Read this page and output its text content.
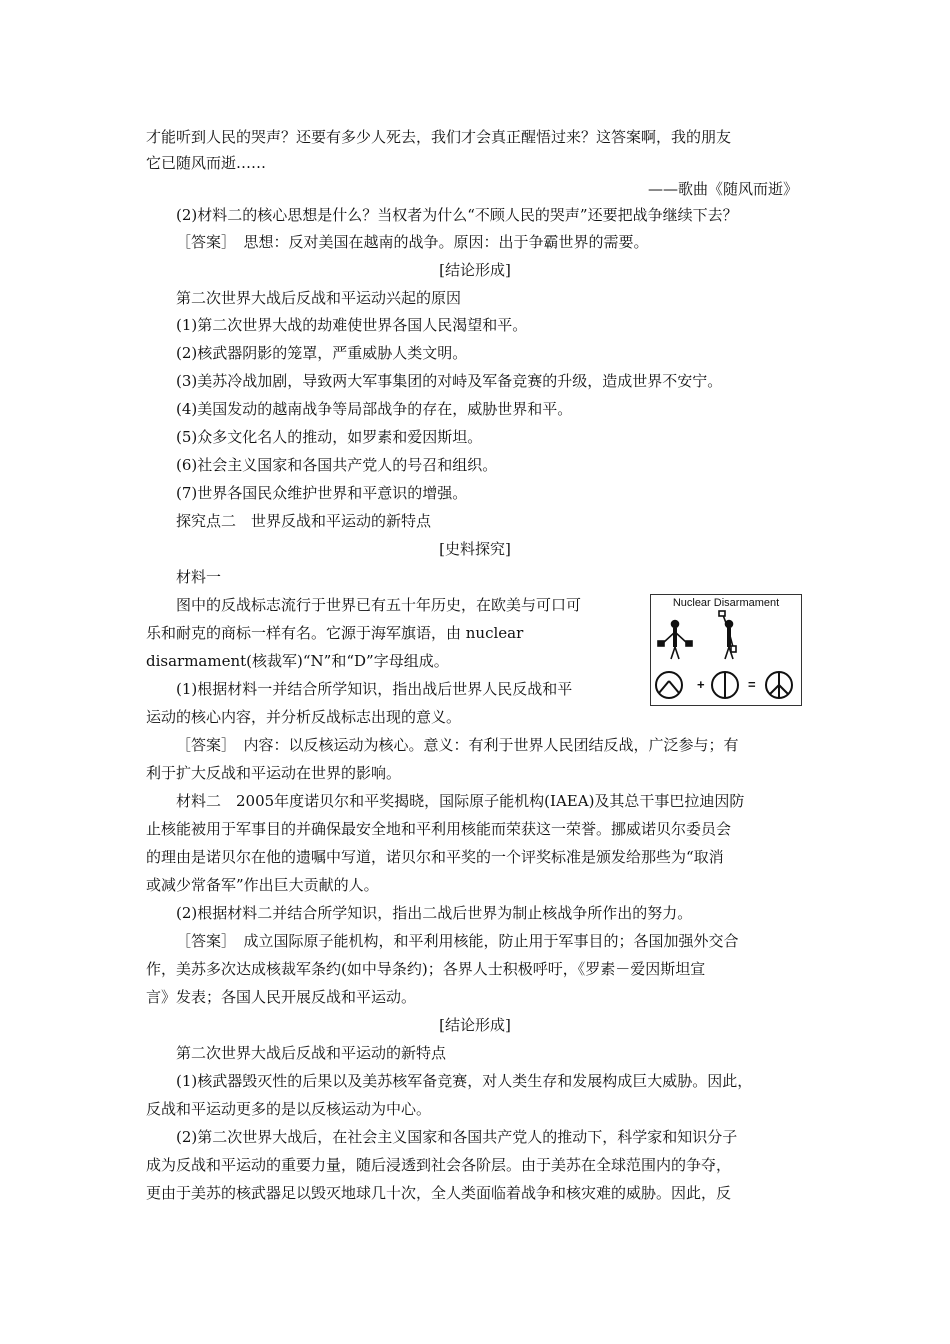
才能听到人民的哭声？还要有多少人死去，我们才会真正醒悟过来？这答案啊，我的朋友
它已随风而逝……
——歌曲《随风而逝》
(2)材料二的核心思想是什么？当权者为什么“不顾人民的哭声”还要把战争继续下去？
［答案］　思想：反对美国在越南的战争。原因：出于争霸世界的需要。
[结论形成]
第二次世界大战后反战和平运动兴起的原因
(1)第二次世界大战的劫难使世界各国人民渴望和平。
(2)核武器阴影的笼罩，严重威胁人类文明。
(3)美苏冷战加剧，导致两大军事集团的对峙及军备竞赛的升级，造成世界不安宁。
(4)美国发动的越南战争等局部战争的存在，威胁世界和平。
(5)众多文化名人的推动，如罗素和爱因斯坦。
(6)社会主义国家和各国共产党人的号召和组织。
(7)世界各国民众维护世界和平意识的增强。
探究点二　世界反战和平运动的新特点
[史料探究]
材料一
图中的反战标志流行于世界已有五十年历史，在欧美与可口可
乐和耐克的商标一样有名。它源于海军旗语，由 nuclear
disarmament(核裁军)“N”和“D”字母组成。
(1)根据材料一并结合所学知识，指出战后世界人民反战和平
运动的核心内容，并分析反战标志出现的意义。
［答案］　内容：以反核运动为核心。意义：有利于世界人民团结反战，广泛参与；有
利于扩大反战和平运动在世界的影响。
材料二　2005年度诺贝尔和平奖揭晓，国际原子能机构(IAEA)及其总干事巴拉迪因防
止核能被用于军事目的并确保最安全地和平利用核能而荣获这一荣誉。挪威诺贝尔委员会
的理由是诺贝尔在他的遗嘱中写道，诺贝尔和平奖的一个评奖标准是颁发给那些为“取消
或减少常备军”作出巨大贡献的人。
(2)根据材料二并结合所学知识，指出二战后世界为制止核战争所作出的努力。
［答案］　成立国际原子能机构，和平利用核能，防止用于军事目的；各国加强外交合
作，美苏多次达成核裁军条约(如中导条约)；各界人士积极呼吁，《罗素－爱因斯坦宣
言》发表；各国人民开展反战和平运动。
[结论形成]
第二次世界大战后反战和平运动的新特点
(1)核武器毁灭性的后果以及美苏核军备竞赛，对人类生存和发展构成巨大威胁。因此，
反战和平运动更多的是以反核运动为中心。
(2)第二次世界大战后，在社会主义国家和各国共产党人的推动下，科学家和知识分子
成为反战和平运动的重要力量，随后浸透到社会各阶层。由于美苏在全球范围内的争夺，
更由于美苏的核武器足以毁灭地球几十次，全人类面临着战争和核灾难的威胁。因此，反
Nuclear Disarmament
+	=
